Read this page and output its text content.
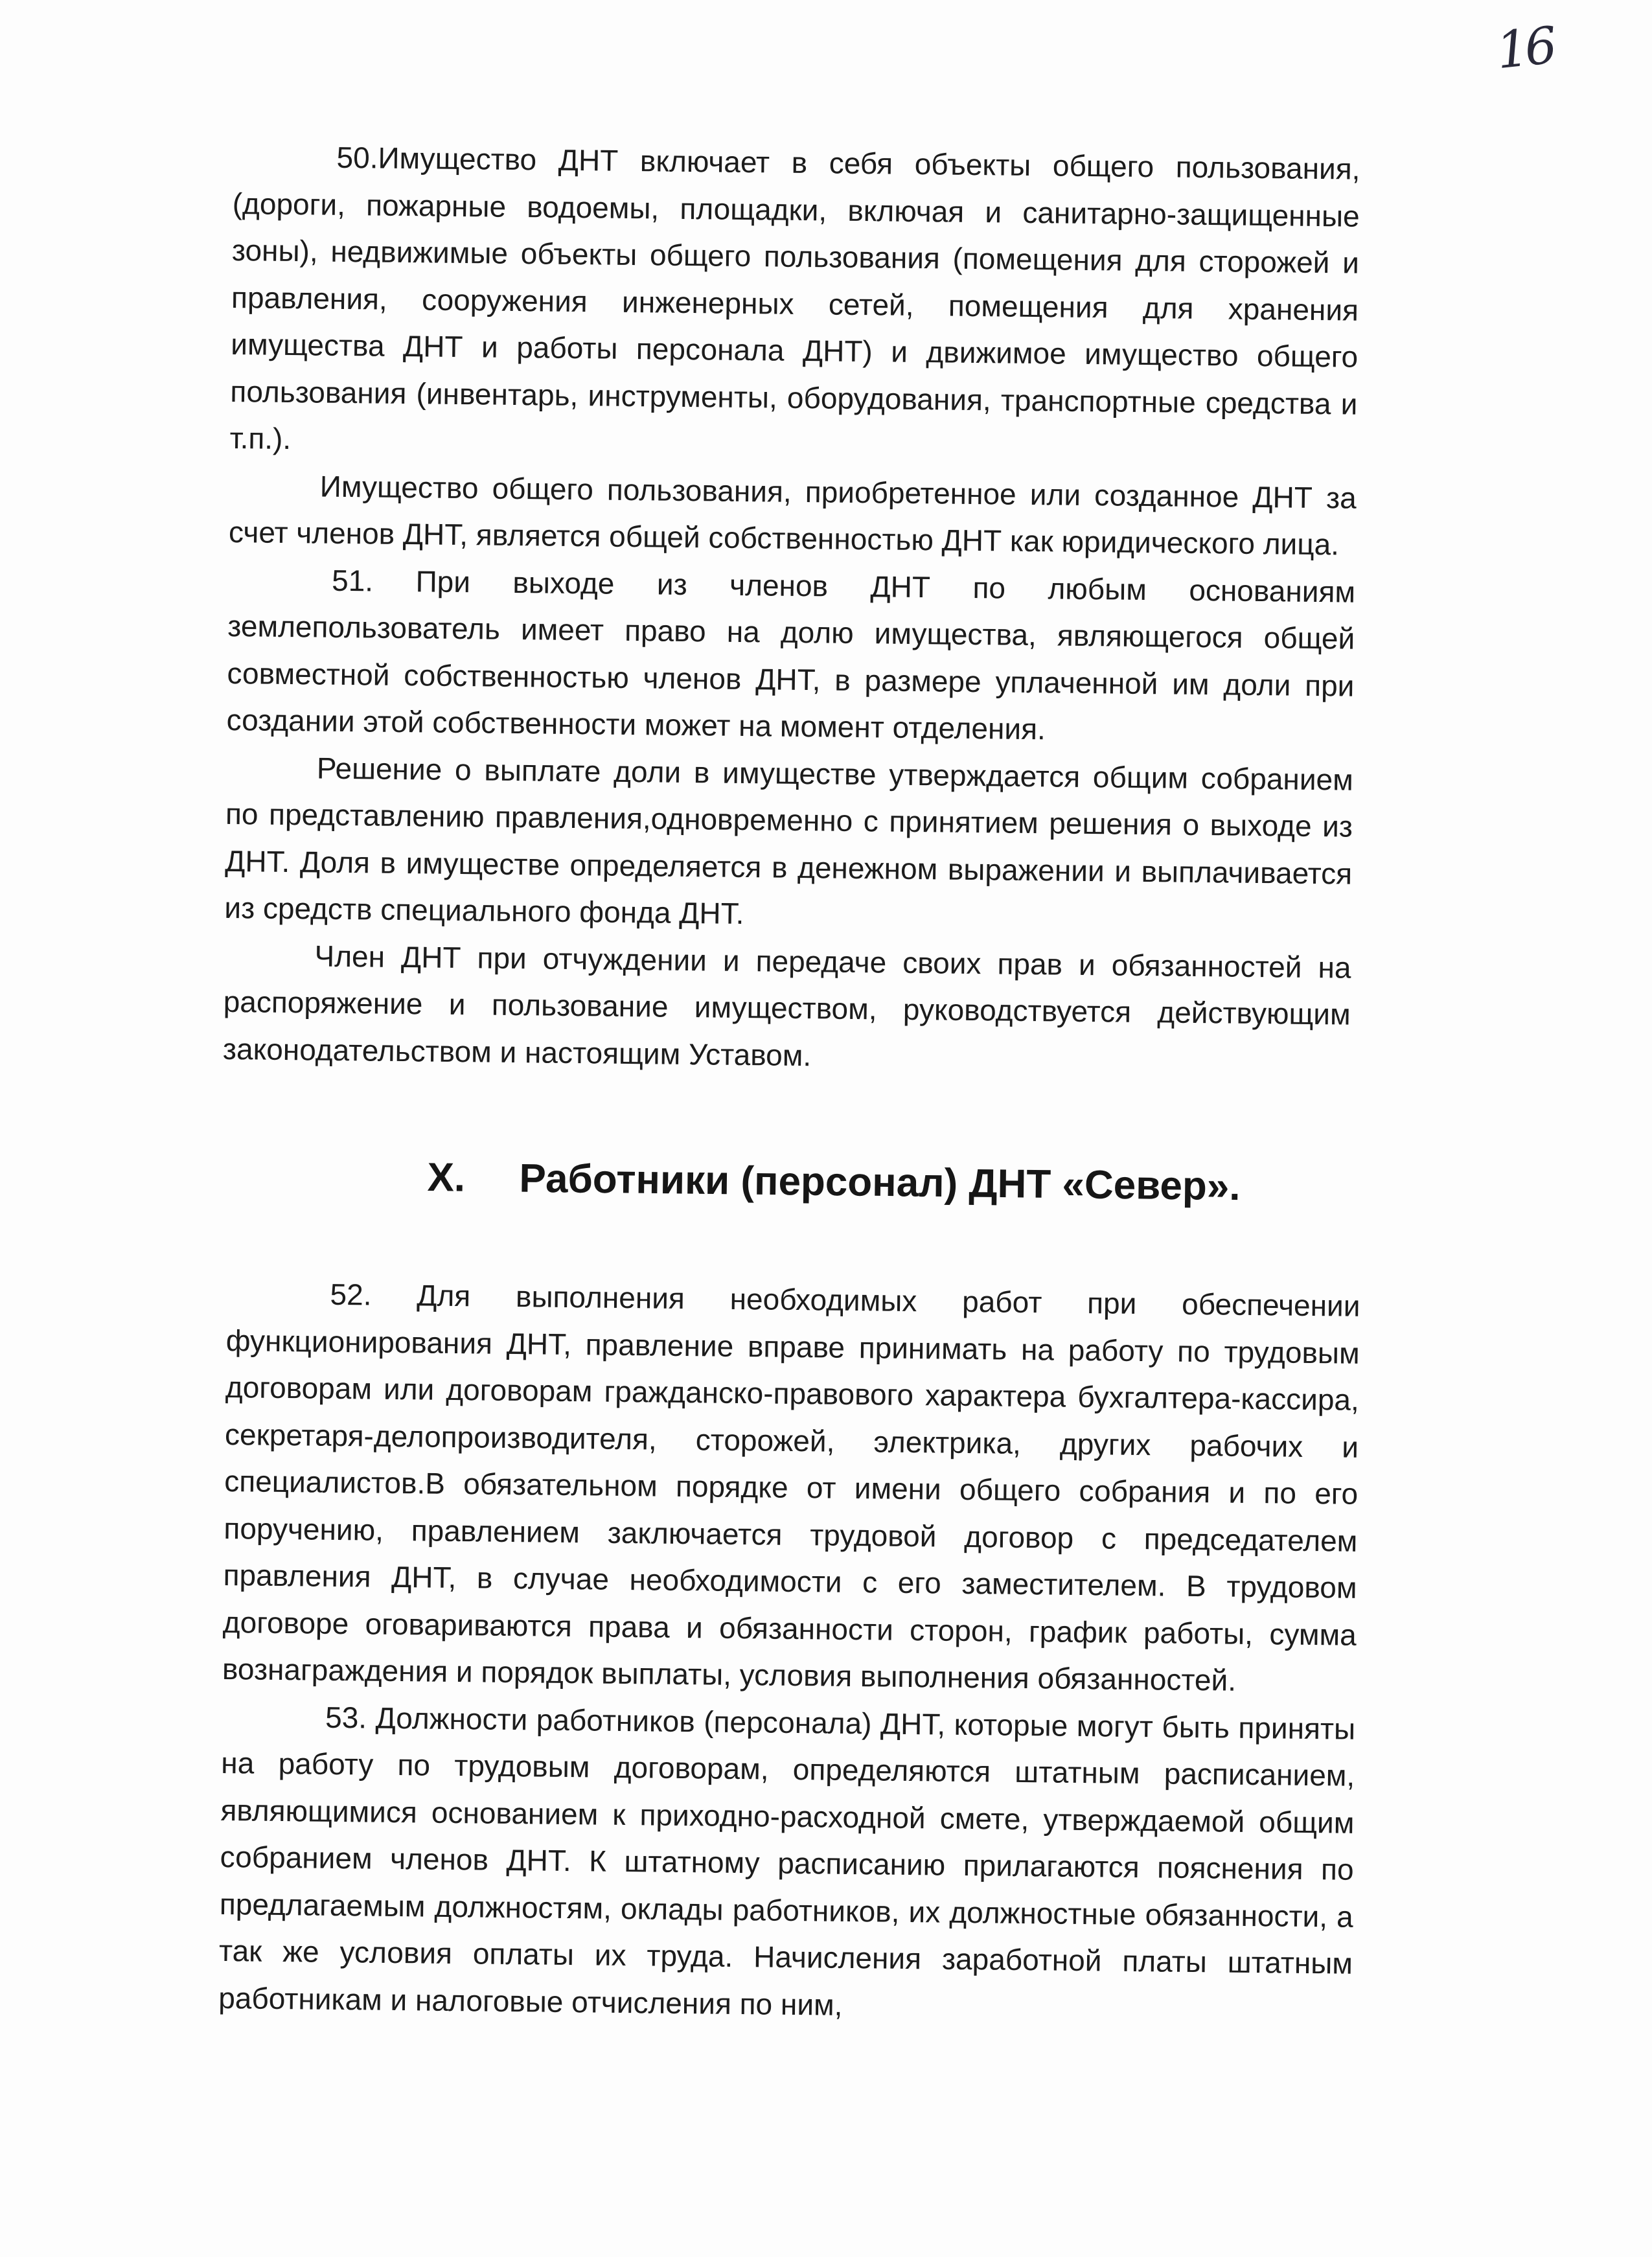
16

50.Имущество ДНТ включает в себя объекты общего пользования, (дороги, пожарные водоемы, площадки, включая и санитарно-защищенные зоны), недвижимые объекты общего пользования (помещения для сторожей и правления, сооружения инженерных сетей, помещения для хранения имущества ДНТ и работы персонала ДНТ) и движимое имущество общего пользования (инвентарь, инструменты, оборудования, транспортные средства и т.п.).

Имущество общего пользования, приобретенное или созданное ДНТ за счет членов ДНТ, является общей собственностью ДНТ как юридического лица.

51. При выходе из членов ДНТ по любым основаниям землепользователь имеет право на долю имущества, являющегося общей совместной собственностью членов ДНТ, в размере уплаченной им доли при создании этой собственности может на момент отделения.

Решение о выплате доли в имуществе утверждается общим собранием по представлению правления,одновременно с принятием решения о выходе из ДНТ. Доля в имуществе определяется в денежном выражении и выплачивается из средств специального фонда ДНТ.

Член ДНТ при отчуждении и передаче своих прав и обязанностей на распоряжение и пользование имуществом, руководствуется действующим законодательством и настоящим Уставом.

X. Работники (персонал) ДНТ «Север».

52. Для выполнения необходимых работ при обеспечении функционирования ДНТ, правление вправе принимать на работу по трудовым договорам или договорам гражданско-правового характера бухгалтера-кассира, секретаря-делопроизводителя, сторожей, электрика, других рабочих и специалистов.В обязательном порядке от имени общего собрания и по его поручению, правлением заключается трудовой договор с председателем правления ДНТ, в случае необходимости с его заместителем. В трудовом договоре оговариваются права и обязанности сторон, график работы, сумма вознаграждения и порядок выплаты, условия выполнения обязанностей.

53. Должности работников (персонала) ДНТ, которые могут быть приняты на работу по трудовым договорам, определяются штатным расписанием, являющимися основанием к приходно-расходной смете, утверждаемой общим собранием членов ДНТ. К штатному расписанию прилагаются пояснения по предлагаемым должностям, оклады работников, их должностные обязанности, а так же условия оплаты их труда. Начисления заработной платы штатным работникам и налоговые отчисления по ним,
